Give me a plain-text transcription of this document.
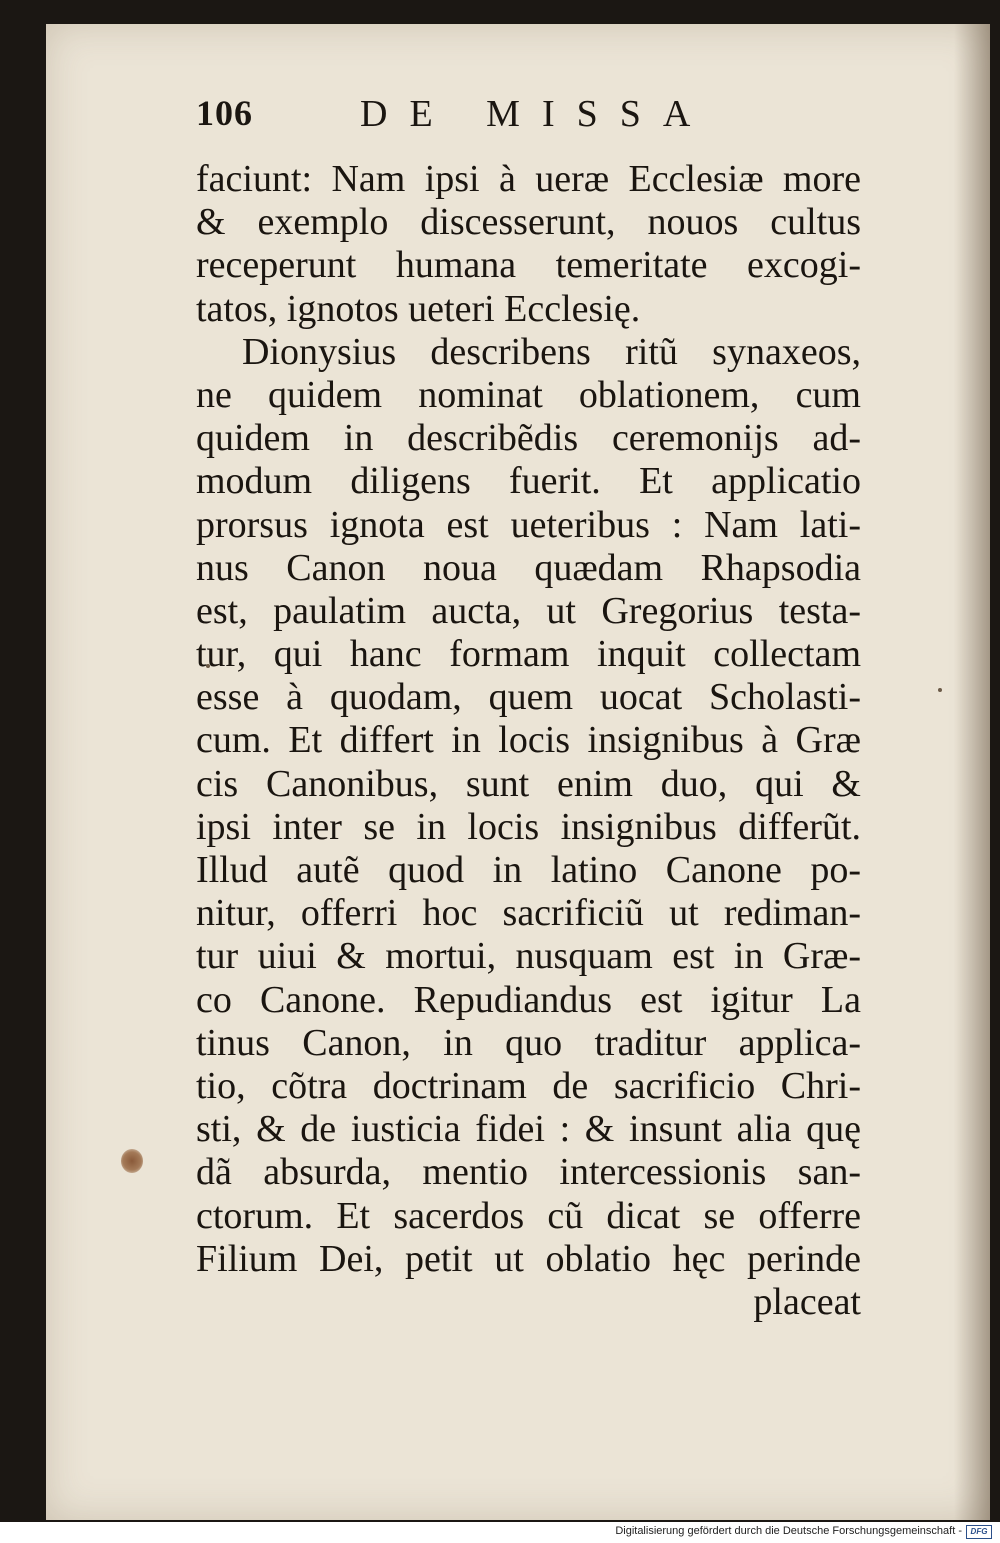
106	DE MISSA
faciunt: Nam ipsi à ueræ Ecclesiæ more
& exemplo discesserunt, nouos cultus
receperunt humana temeritate excogi-
tatos, ignotos ueteri Ecclesię.
Dionysius describens ritũ synaxeos,
ne quidem nominat oblationem, cum
quidem in describẽdis ceremonijs ad-
modum diligens fuerit. Et applicatio
prorsus ignota est ueteribus : Nam lati-
nus Canon noua quædam Rhapsodia
est, paulatim aucta, ut Gregorius testa-
tur, qui hanc formam inquit collectam
esse à quodam, quem uocat Scholasti-
cum. Et differt in locis insignibus à Græ
cis Canonibus, sunt enim duo, qui &
ipsi inter se in locis insignibus differũt.
Illud autẽ quod in latino Canone po-
nitur, offerri hoc sacrificiũ ut rediman-
tur uiui & mortui, nusquam est in Græ-
co Canone. Repudiandus est igitur La
tinus Canon, in quo traditur applica-
tio, cõtra doctrinam de sacrificio Chri-
sti, & de iusticia fidei : & insunt alia quę
dã absurda, mentio intercessionis san-
ctorum. Et sacerdos cũ dicat se offerre
Filium Dei, petit ut oblatio hęc perinde
placeat
Digitalisierung gefördert durch die Deutsche Forschungsgemeinschaft -	DFG
